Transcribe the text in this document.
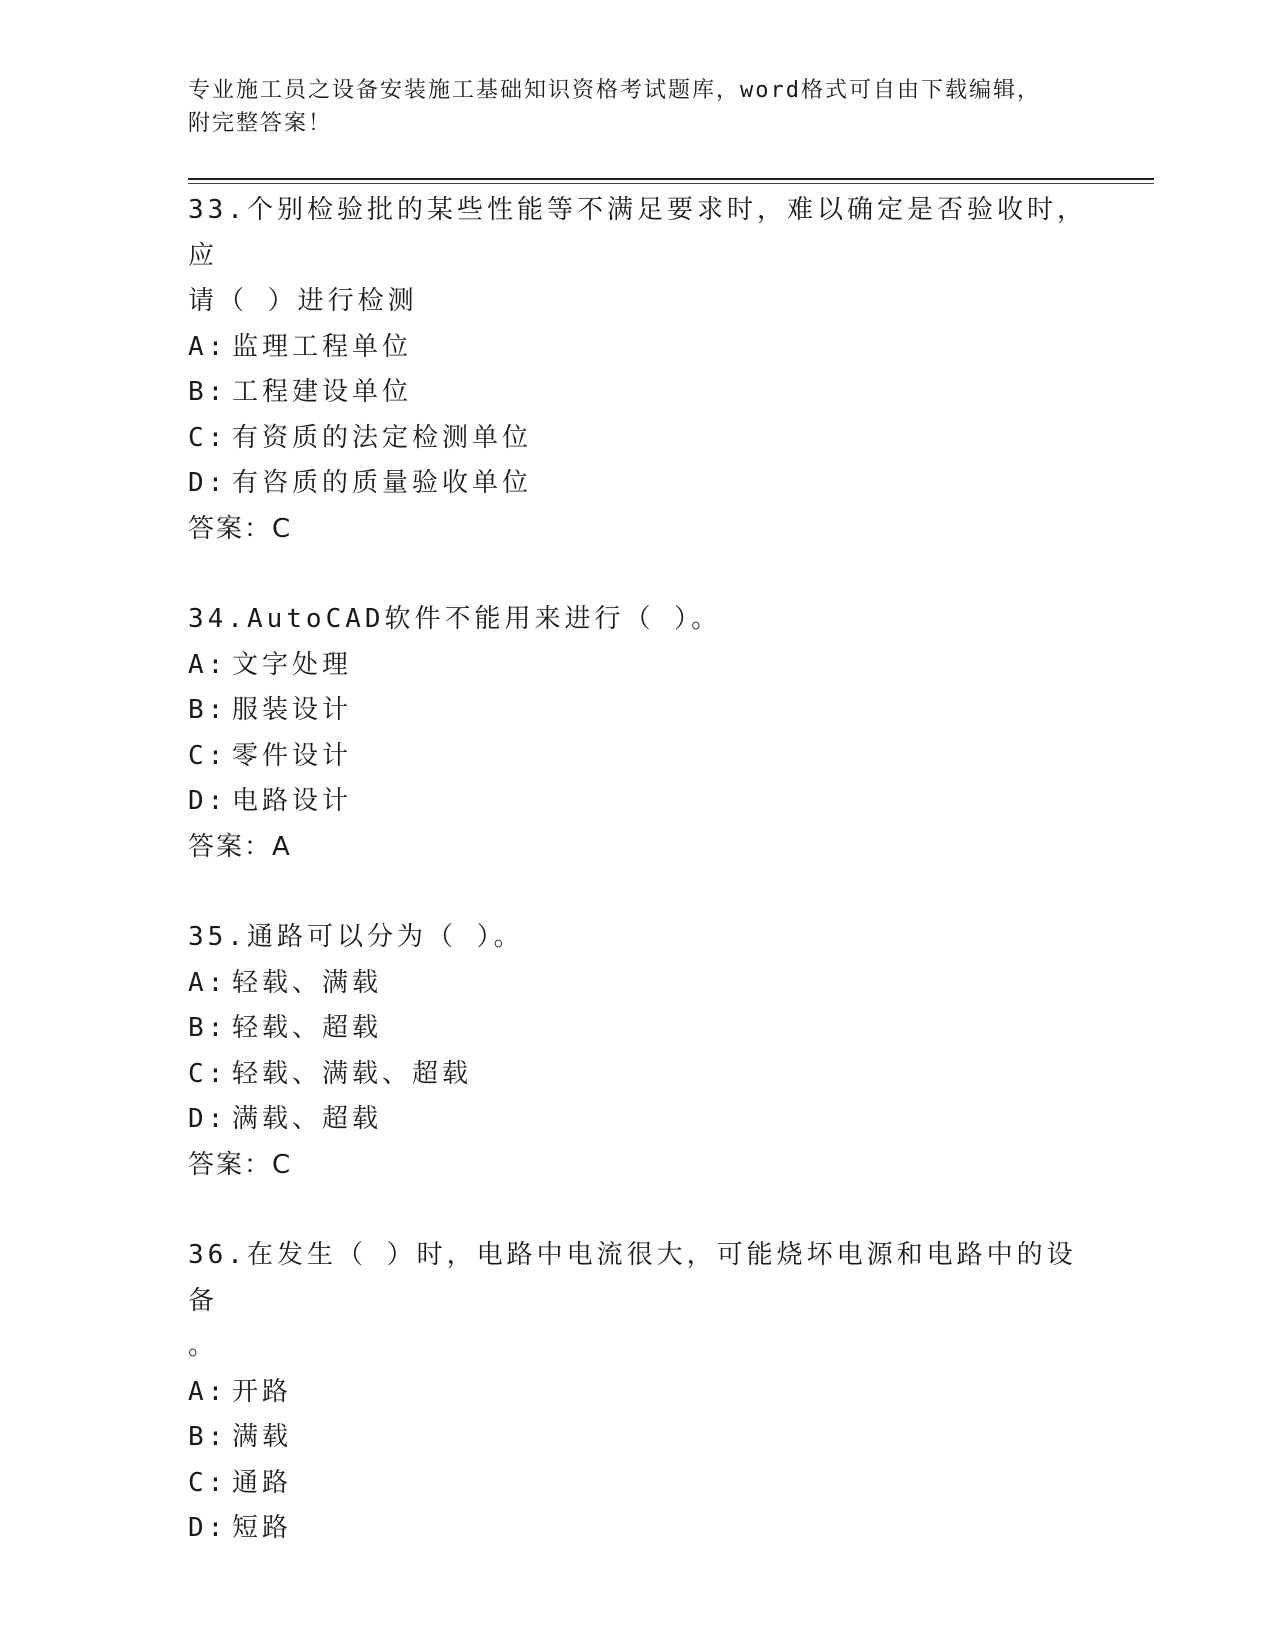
专业施工员之设备安装施工基础知识资格考试题库，word格式可自由下载编辑，
附完整答案！
33.个别检验批的某些性能等不满足要求时，难以确定是否验收时，应
请（ ）进行检测
A: 监理工程单位
B: 工程建设单位
C: 有资质的法定检测单位
D: 有咨质的质量验收单位
答案：C
34.AutoCAD软件不能用来进行（ ）。
A: 文字处理
B: 服装设计
C: 零件设计
D: 电路设计
答案：A
35.通路可以分为（ ）。
A: 轻载、满载
B: 轻载、超载
C: 轻载、满载、超载
D: 满载、超载
答案：C
36.在发生（ ）时，电路中电流很大，可能烧坏电源和电路中的设备
。
A: 开路
B: 满载
C: 通路
D: 短路
